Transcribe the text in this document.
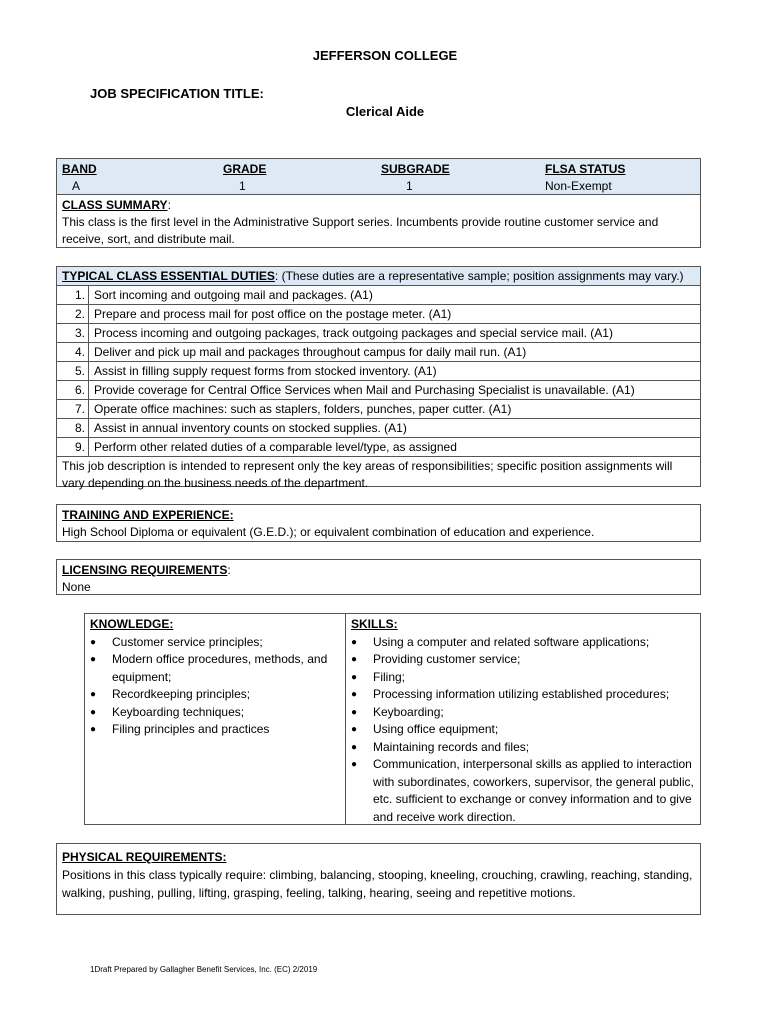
JEFFERSON COLLEGE
JOB SPECIFICATION TITLE:
Clerical Aide
BAND
A
GRADE
1
SUBGRADE
1
FLSA STATUS
Non-Exempt
CLASS SUMMARY:
This class is the first level in the Administrative Support series. Incumbents provide routine customer service and receive, sort, and distribute mail.
TYPICAL CLASS ESSENTIAL DUTIES: (These duties are a representative sample; position assignments may vary.)
1. Sort incoming and outgoing mail and packages. (A1)
2. Prepare and process mail for post office on the postage meter. (A1)
3. Process incoming and outgoing packages, track outgoing packages and special service mail. (A1)
4. Deliver and pick up mail and packages throughout campus for daily mail run. (A1)
5. Assist in filling supply request forms from stocked inventory. (A1)
6. Provide coverage for Central Office Services when Mail and Purchasing Specialist is unavailable. (A1)
7. Operate office machines: such as staplers, folders, punches, paper cutter. (A1)
8. Assist in annual inventory counts on stocked supplies. (A1)
9. Perform other related duties of a comparable level/type, as assigned
This job description is intended to represent only the key areas of responsibilities; specific position assignments will vary depending on the business needs of the department.
TRAINING AND EXPERIENCE:
High School Diploma or equivalent (G.E.D.); or equivalent combination of education and experience.
LICENSING REQUIREMENTS:
None
KNOWLEDGE:
● Customer service principles;
● Modern office procedures, methods, and equipment;
● Recordkeeping principles;
● Keyboarding techniques;
● Filing principles and practices
SKILLS:
● Using a computer and related software applications;
● Providing customer service;
● Filing;
● Processing information utilizing established procedures;
● Keyboarding;
● Using office equipment;
● Maintaining records and files;
● Communication, interpersonal skills as applied to interaction with subordinates, coworkers, supervisor, the general public, etc. sufficient to exchange or convey information and to give and receive work direction.
PHYSICAL REQUIREMENTS:
Positions in this class typically require: climbing, balancing, stooping, kneeling, crouching, crawling, reaching, standing, walking, pushing, pulling, lifting, grasping, feeling, talking, hearing, seeing and repetitive motions.
1Draft Prepared by Gallagher Benefit Services, Inc. (EC) 2/2019
